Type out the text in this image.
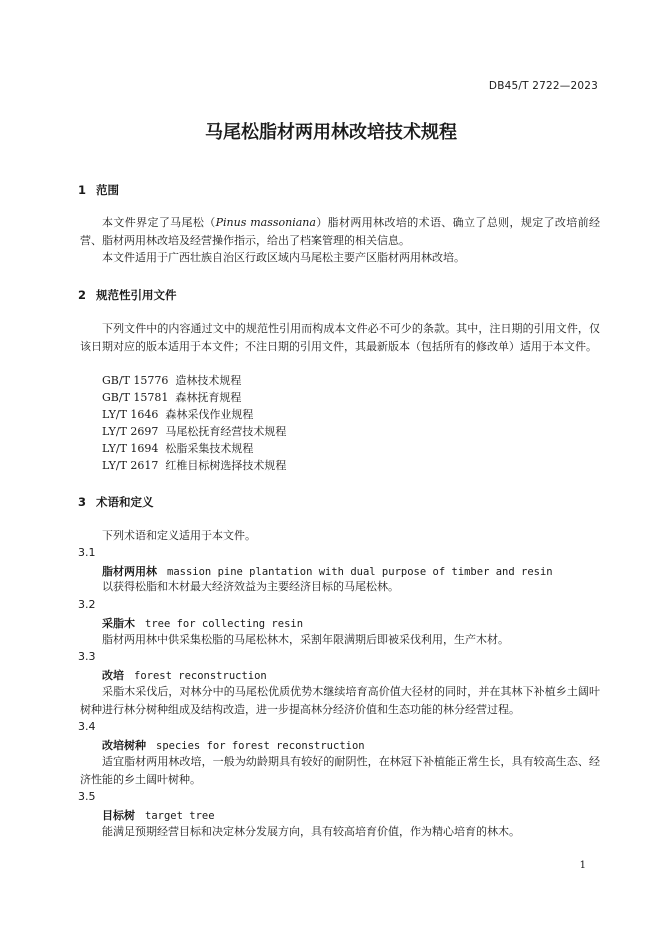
DB45/T 2722—2023
马尾松脂材两用林改培技术规程
1 范围
本文件界定了马尾松（Pinus massoniana）脂材两用林改培的术语、确立了总则，规定了改培前经营、脂材两用林改培及经营操作指示，给出了档案管理的相关信息。
本文件适用于广西壮族自治区行政区域内马尾松主要产区脂材两用林改培。
2 规范性引用文件
下列文件中的内容通过文中的规范性引用而构成本文件必不可少的条款。其中，注日期的引用文件，仅该日期对应的版本适用于本文件；不注日期的引用文件，其最新版本（包括所有的修改单）适用于本文件。
GB/T 15776  造林技术规程
GB/T 15781  森林抚育规程
LY/T 1646  森林采伐作业规程
LY/T 2697  马尾松抚育经营技术规程
LY/T 1694  松脂采集技术规程
LY/T 2617  红椎目标树选择技术规程
3 术语和定义
下列术语和定义适用于本文件。
3.1
脂材两用林 massion pine plantation with dual purpose of timber and resin
以获得松脂和木材最大经济效益为主要经济目标的马尾松林。
3.2
采脂木 tree for collecting resin
脂材两用林中供采集松脂的马尾松林木，采割年限满期后即被采伐利用，生产木材。
3.3
改培 forest reconstruction
采脂木采伐后，对林分中的马尾松优质优势木继续培育高价值大径材的同时，并在其林下补植乡土阔叶树种进行林分树种组成及结构改造，进一步提高林分经济价值和生态功能的林分经营过程。
3.4
改培树种 species for forest reconstruction
适宜脂材两用林改培，一般为幼龄期具有较好的耐阴性，在林冠下补植能正常生长，具有较高生态、经济性能的乡土阔叶树种。
3.5
目标树 target tree
能满足预期经营目标和决定林分发展方向，具有较高培育价值，作为精心培育的林木。
1
